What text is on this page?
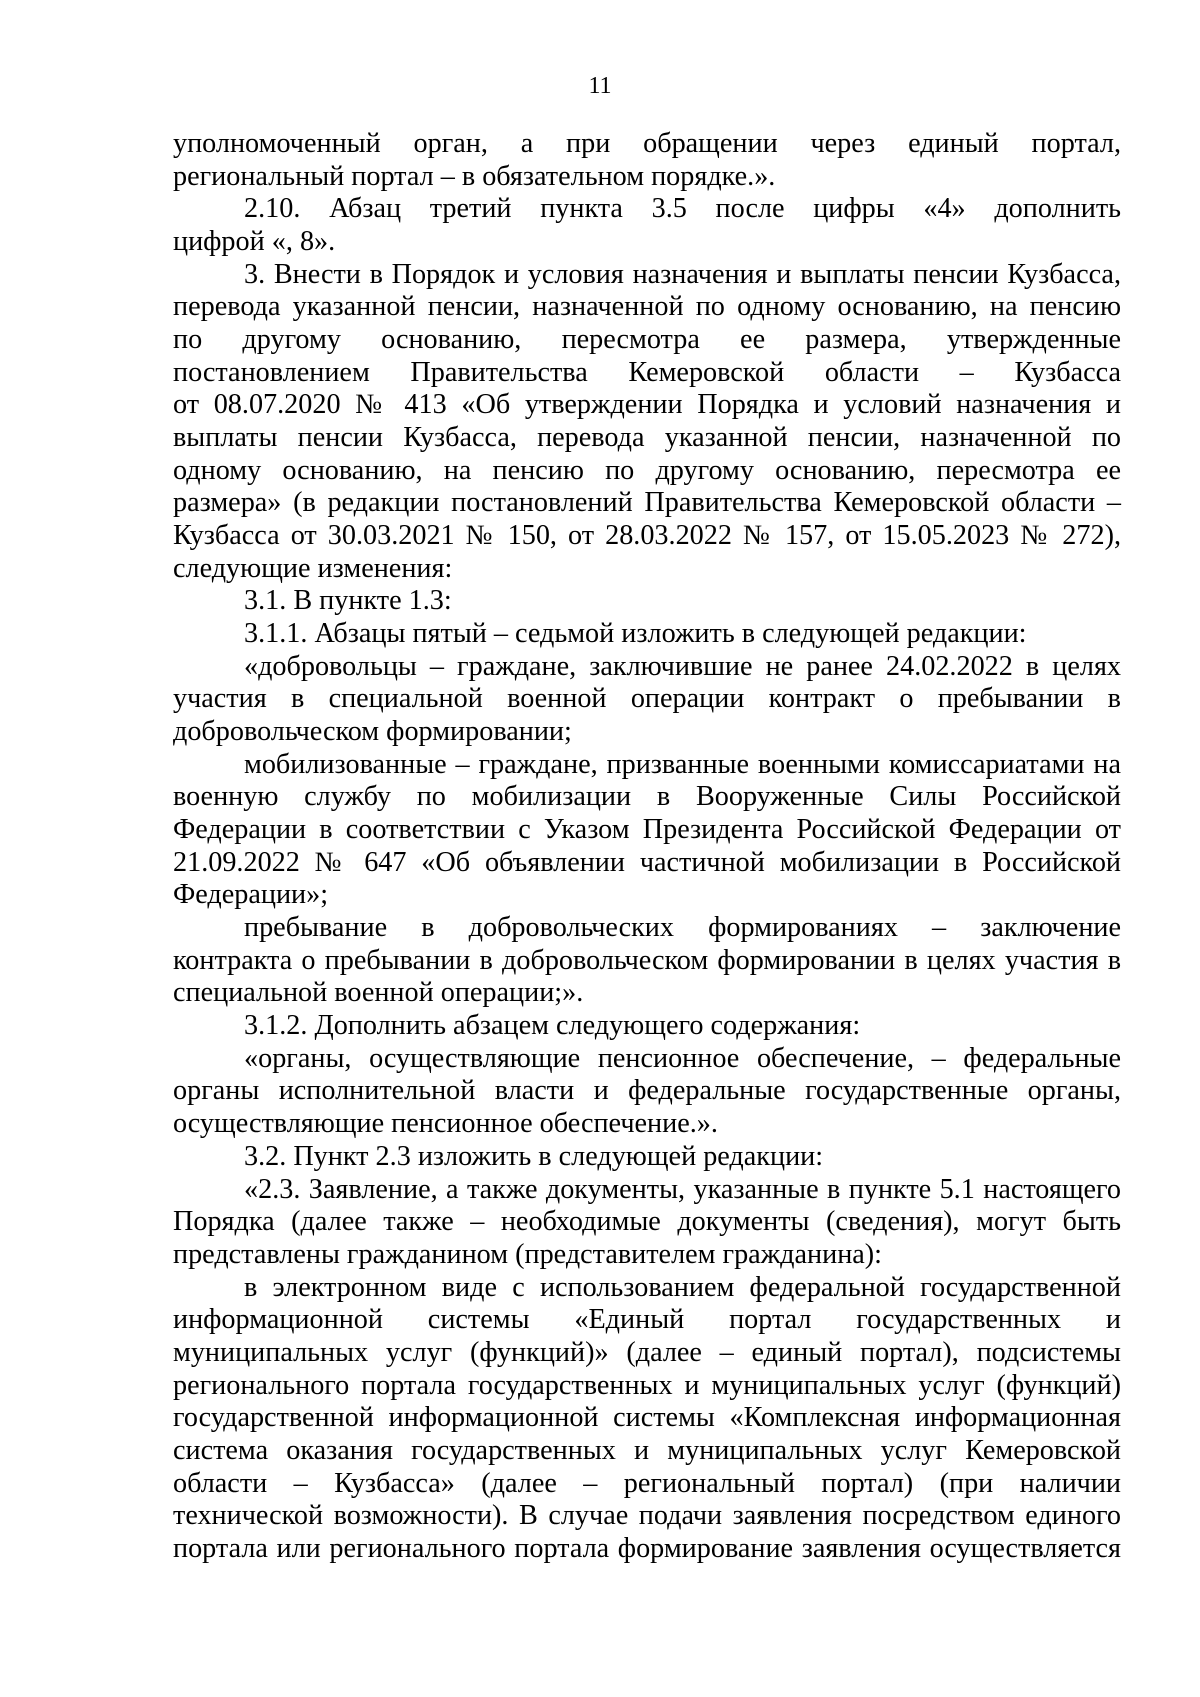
11
уполномоченный орган, а при обращении через единый портал,
региональный портал – в обязательном порядке.».
2.10. Абзац третий пункта 3.5 после цифры «4» дополнить
цифрой «, 8».
3. Внести в Порядок и условия назначения и выплаты пенсии Кузбасса,
перевода указанной пенсии, назначенной по одному основанию, на пенсию
по другому основанию, пересмотра ее размера, утвержденные
постановлением Правительства Кемеровской области – Кузбасса
от 08.07.2020 № 413 «Об утверждении Порядка и условий назначения и
выплаты пенсии Кузбасса, перевода указанной пенсии, назначенной по
одному основанию, на пенсию по другому основанию, пересмотра ее
размера» (в редакции постановлений Правительства Кемеровской области –
Кузбасса от 30.03.2021 № 150, от 28.03.2022 № 157, от 15.05.2023 № 272),
следующие изменения:
3.1. В пункте 1.3:
3.1.1. Абзацы пятый – седьмой изложить в следующей редакции:
«добровольцы – граждане, заключившие не ранее 24.02.2022 в целях
участия в специальной военной операции контракт о пребывании в
добровольческом формировании;
мобилизованные – граждане, призванные военными комиссариатами на
военную службу по мобилизации в Вооруженные Силы Российской
Федерации в соответствии с Указом Президента Российской Федерации от
21.09.2022 № 647 «Об объявлении частичной мобилизации в Российской
Федерации»;
пребывание в добровольческих формированиях – заключение
контракта о пребывании в добровольческом формировании в целях участия в
специальной военной операции;».
3.1.2. Дополнить абзацем следующего содержания:
«органы, осуществляющие пенсионное обеспечение, – федеральные
органы исполнительной власти и федеральные государственные органы,
осуществляющие пенсионное обеспечение.».
3.2. Пункт 2.3 изложить в следующей редакции:
«2.3. Заявление, а также документы, указанные в пункте 5.1 настоящего
Порядка (далее также – необходимые документы (сведения), могут быть
представлены гражданином (представителем гражданина):
в электронном виде с использованием федеральной государственной
информационной системы «Единый портал государственных и
муниципальных услуг (функций)» (далее – единый портал), подсистемы
регионального портала государственных и муниципальных услуг (функций)
государственной информационной системы «Комплексная информационная
система оказания государственных и муниципальных услуг Кемеровской
области – Кузбасса» (далее – региональный портал) (при наличии
технической возможности). В случае подачи заявления посредством единого
портала или регионального портала формирование заявления осуществляется
